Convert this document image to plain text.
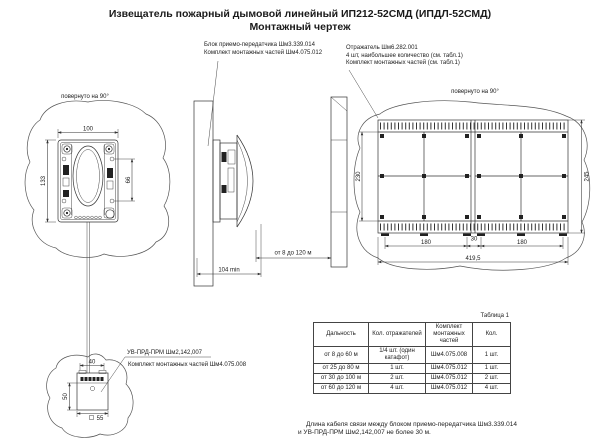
Извещатель пожарный дымовой линейный ИП212-52СМД (ИПДЛ-52СМД)
Монтажный чертеж
повернуто на 90°
100
133	66
104 min
от 8 до 120 м
повернуто на 90°
230	245
180
30
180
419,5
40
50
55
УВ-ПРД-ПРМ Шм2,142,007
Комплект монтажных частей Шм4.075.008
Блок приемо-передатчика Шм3.339.014
Комплект монтажных частей Шм4.075.012
Отражатель Шм6.282.001
4 шт, наибольшее количество (см. табл.1)
Комплект монтажных частей (см. табл.1)
Таблица 1
Дальность	Кол. отражателей	Комплект монтажных частей	Кол.
от 8 до 60 м	1/4 шт. (один катафот)	Шм4.075.008	1 шт.
от 25 до 80 м	1 шт.	Шм4.075.012	1 шт.
от 30 до 100 м	2 шт.	Шм4.075.012	2 шт.
от 60 до 120 м	4 шт.	Шм4.075.012	4 шт.
Длина кабеля связи между блоком приемо-передатчика Шм3.339.014
и УВ-ПРД-ПРМ Шм2,142,007 не более 30 м.
